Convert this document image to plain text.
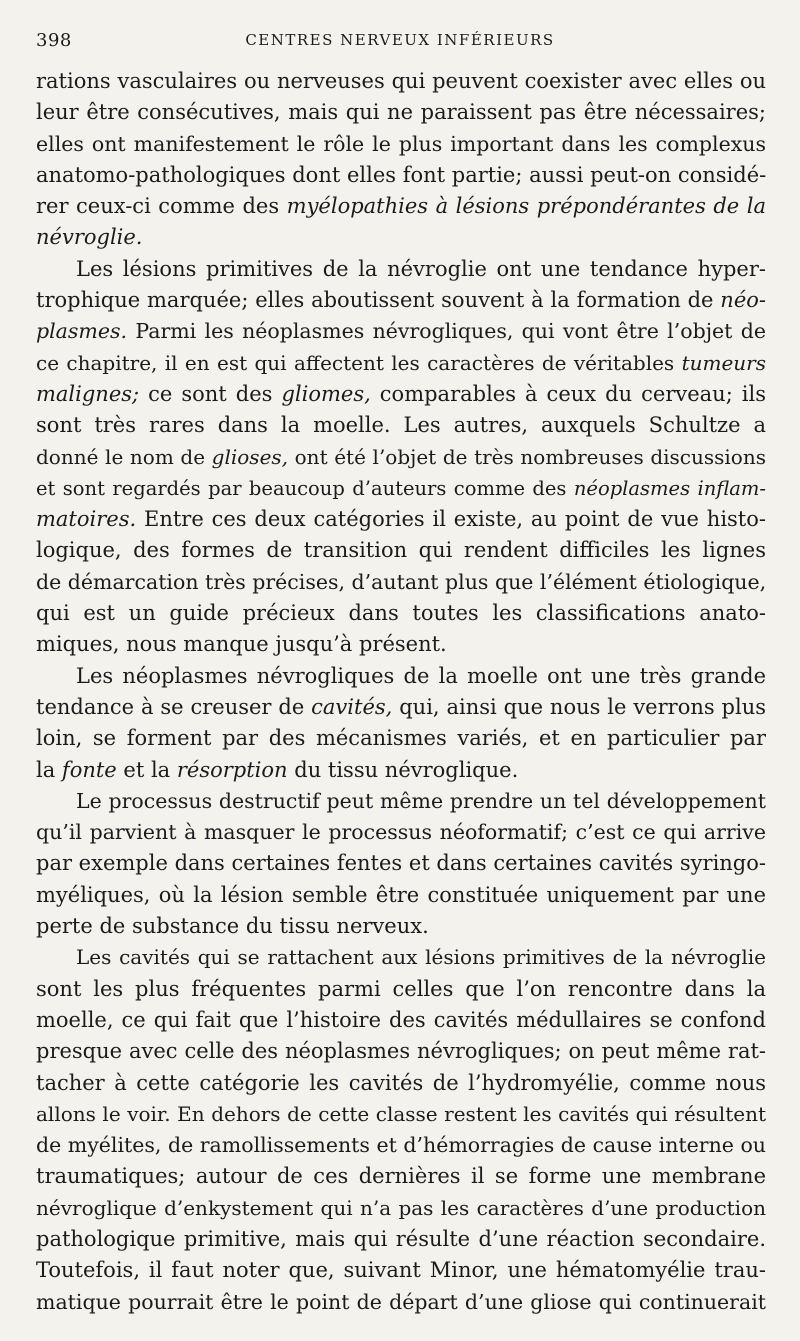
398	CENTRES NERVEUX INFÉRIEURS
rations vasculaires ou nerveuses qui peuvent coexister avec elles ou
leur être consécutives, mais qui ne paraissent pas être nécessaires;
elles ont manifestement le rôle le plus important dans les complexus
anatomo-pathologiques dont elles font partie; aussi peut-on considé-
rer ceux-ci comme des myélopathies à lésions prépondérantes de la
névroglie.
Les lésions primitives de la névroglie ont une tendance hyper-
trophique marquée; elles aboutissent souvent à la formation de néo-
plasmes. Parmi les néoplasmes névrogliques, qui vont être l’objet de
ce chapitre, il en est qui affectent les caractères de véritables tumeurs
malignes; ce sont des gliomes, comparables à ceux du cerveau; ils
sont très rares dans la moelle. Les autres, auxquels Schultze a
donné le nom de glioses, ont été l’objet de très nombreuses discussions
et sont regardés par beaucoup d’auteurs comme des néoplasmes inflam-
matoires. Entre ces deux catégories il existe, au point de vue histo-
logique, des formes de transition qui rendent difficiles les lignes
de démarcation très précises, d’autant plus que l’élément étiologique,
qui est un guide précieux dans toutes les classifications anato-
miques, nous manque jusqu’à présent.
Les néoplasmes névrogliques de la moelle ont une très grande
tendance à se creuser de cavités, qui, ainsi que nous le verrons plus
loin, se forment par des mécanismes variés, et en particulier par
la fonte et la résorption du tissu névroglique.
Le processus destructif peut même prendre un tel développement
qu’il parvient à masquer le processus néoformatif; c’est ce qui arrive
par exemple dans certaines fentes et dans certaines cavités syringo-
myéliques, où la lésion semble être constituée uniquement par une
perte de substance du tissu nerveux.
Les cavités qui se rattachent aux lésions primitives de la névroglie
sont les plus fréquentes parmi celles que l’on rencontre dans la
moelle, ce qui fait que l’histoire des cavités médullaires se confond
presque avec celle des néoplasmes névrogliques; on peut même rat-
tacher à cette catégorie les cavités de l’hydromyélie, comme nous
allons le voir. En dehors de cette classe restent les cavités qui résultent
de myélites, de ramollissements et d’hémorragies de cause interne ou
traumatiques; autour de ces dernières il se forme une membrane
névroglique d’enkystement qui n’a pas les caractères d’une production
pathologique primitive, mais qui résulte d’une réaction secondaire.
Toutefois, il faut noter que, suivant Minor, une hématomyélie trau-
matique pourrait être le point de départ d’une gliose qui continuerait
